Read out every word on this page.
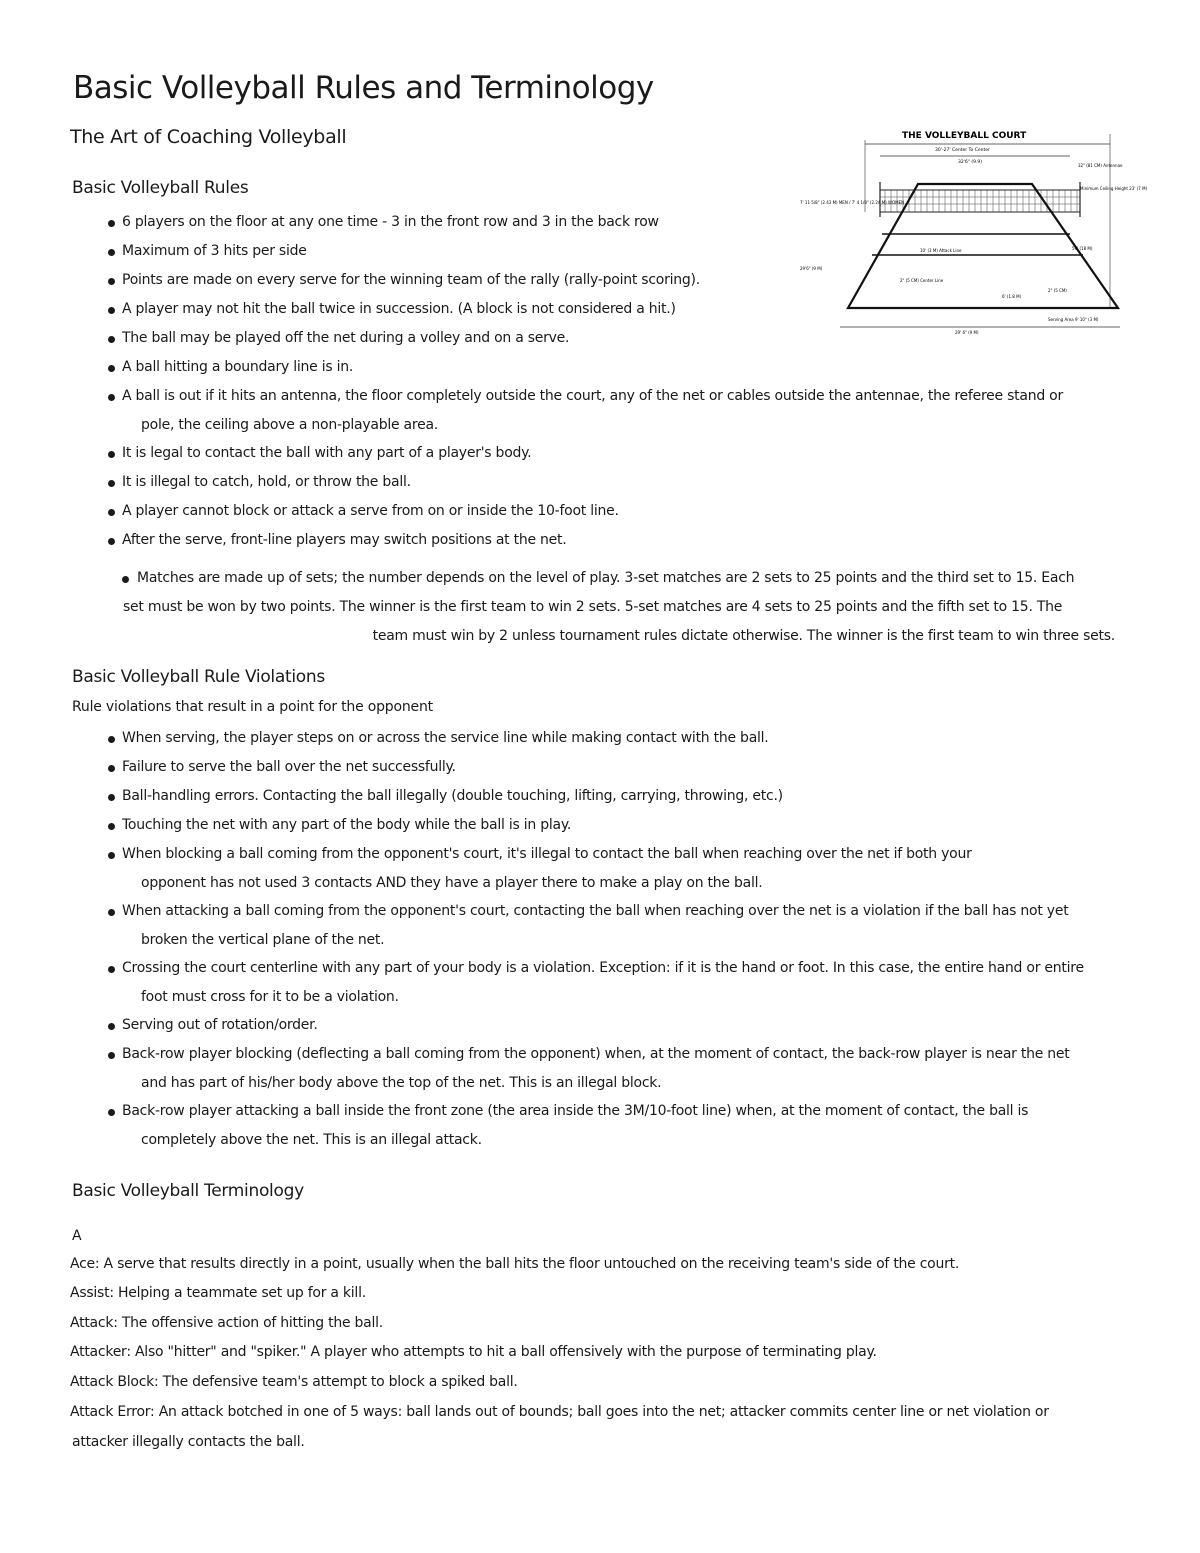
Basic Volleyball Rules and Terminology
The Art of Coaching Volleyball	THE VOLLEYBALL COURT
30'-27' Center To Center
32'6" (9.9)
10' (3 M) Attack Line
2" (5 CM) Center Line
7' 11 5/8" (2.43 M) MEN / 7' 4 1/8" (2.24 M) WOMEN
29'6" (9 M)
59' (18 M)
32" (81 CM) Antennae
Minimum Ceiling Height 23' (7 M)
Serving Area 9' 10" (3 M)
6' (1.8 M)
2" (5 CM)
29' 6" (9 M)
Basic Volleyball Rules
6 players on the floor at any one time - 3 in the front row and 3 in the back row
Maximum of 3 hits per side
Points are made on every serve for the winning team of the rally (rally-point scoring).
A player may not hit the ball twice in succession. (A block is not considered a hit.)
The ball may be played off the net during a volley and on a serve.
A ball hitting a boundary line is in.
A ball is out if it hits an antenna, the floor completely outside the court, any of the net or cables outside the antennae, the referee stand or
pole, the ceiling above a non-playable area.
It is legal to contact the ball with any part of a player's body.
It is illegal to catch, hold, or throw the ball.
A player cannot block or attack a serve from on or inside the 10-foot line.
After the serve, front-line players may switch positions at the net.
Matches are made up of sets; the number depends on the level of play. 3-set matches are 2 sets to 25 points and the third set to 15. Each
set must be won by two points. The winner is the first team to win 2 sets. 5-set matches are 4 sets to 25 points and the fifth set to 15. The
team must win by 2 unless tournament rules dictate otherwise. The winner is the first team to win three sets.
Basic Volleyball Rule Violations
Rule violations that result in a point for the opponent
When serving, the player steps on or across the service line while making contact with the ball.
Failure to serve the ball over the net successfully.
Ball-handling errors. Contacting the ball illegally (double touching, lifting, carrying, throwing, etc.)
Touching the net with any part of the body while the ball is in play.
When blocking a ball coming from the opponent's court, it's illegal to contact the ball when reaching over the net if both your
opponent has not used 3 contacts AND they have a player there to make a play on the ball.
When attacking a ball coming from the opponent's court, contacting the ball when reaching over the net is a violation if the ball has not yet
broken the vertical plane of the net.
Crossing the court centerline with any part of your body is a violation. Exception: if it is the hand or foot. In this case, the entire hand or entire
foot must cross for it to be a violation.
Serving out of rotation/order.
Back-row player blocking (deflecting a ball coming from the opponent) when, at the moment of contact, the back-row player is near the net
and has part of his/her body above the top of the net. This is an illegal block.
Back-row player attacking a ball inside the front zone (the area inside the 3M/10-foot line) when, at the moment of contact, the ball is
completely above the net. This is an illegal attack.
Basic Volleyball Terminology
A
Ace: A serve that results directly in a point, usually when the ball hits the floor untouched on the receiving team's side of the court.
Assist: Helping a teammate set up for a kill.
Attack: The offensive action of hitting the ball.
Attacker: Also "hitter" and "spiker." A player who attempts to hit a ball offensively with the purpose of terminating play.
Attack Block: The defensive team's attempt to block a spiked ball.
Attack Error: An attack botched in one of 5 ways: ball lands out of bounds; ball goes into the net; attacker commits center line or net violation or
attacker illegally contacts the ball.
